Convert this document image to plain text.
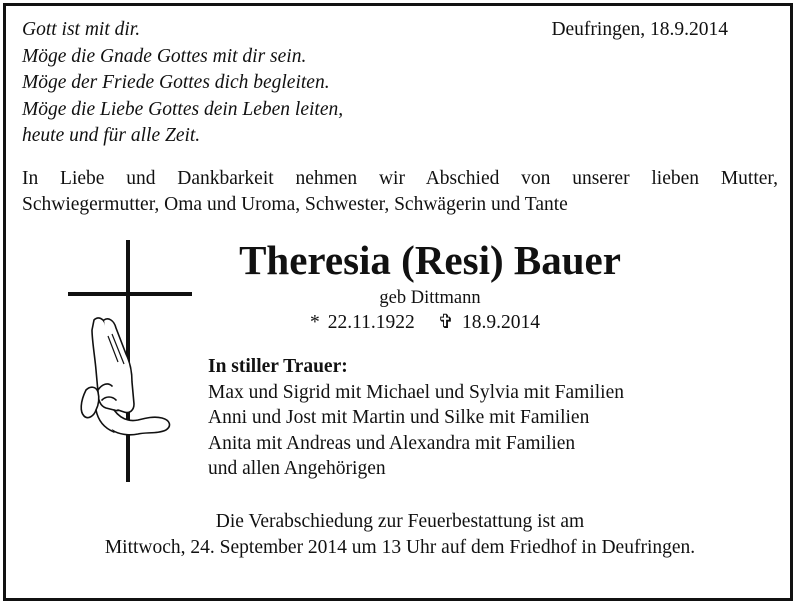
Gott ist mit dir.
Möge die Gnade Gottes mit dir sein.
Möge der Friede Gottes dich begleiten.
Möge die Liebe Gottes dein Leben leiten,
heute und für alle Zeit.
Deufringen, 18.9.2014
In Liebe und Dankbarkeit nehmen wir Abschied von unserer lieben Mutter,
Schwiegermutter, Oma und Uroma, Schwester, Schwägerin und Tante
Theresia (Resi) Bauer
geb Dittmann
* 22.11.1922 ✞ 18.9.2014
In stiller Trauer:
Max und Sigrid mit Michael und Sylvia mit Familien
Anni und Jost mit Martin und Silke mit Familien
Anita mit Andreas und Alexandra mit Familien
und allen Angehörigen
Die Verabschiedung zur Feuerbestattung ist am
Mittwoch, 24. September 2014 um 13 Uhr auf dem Friedhof in Deufringen.
